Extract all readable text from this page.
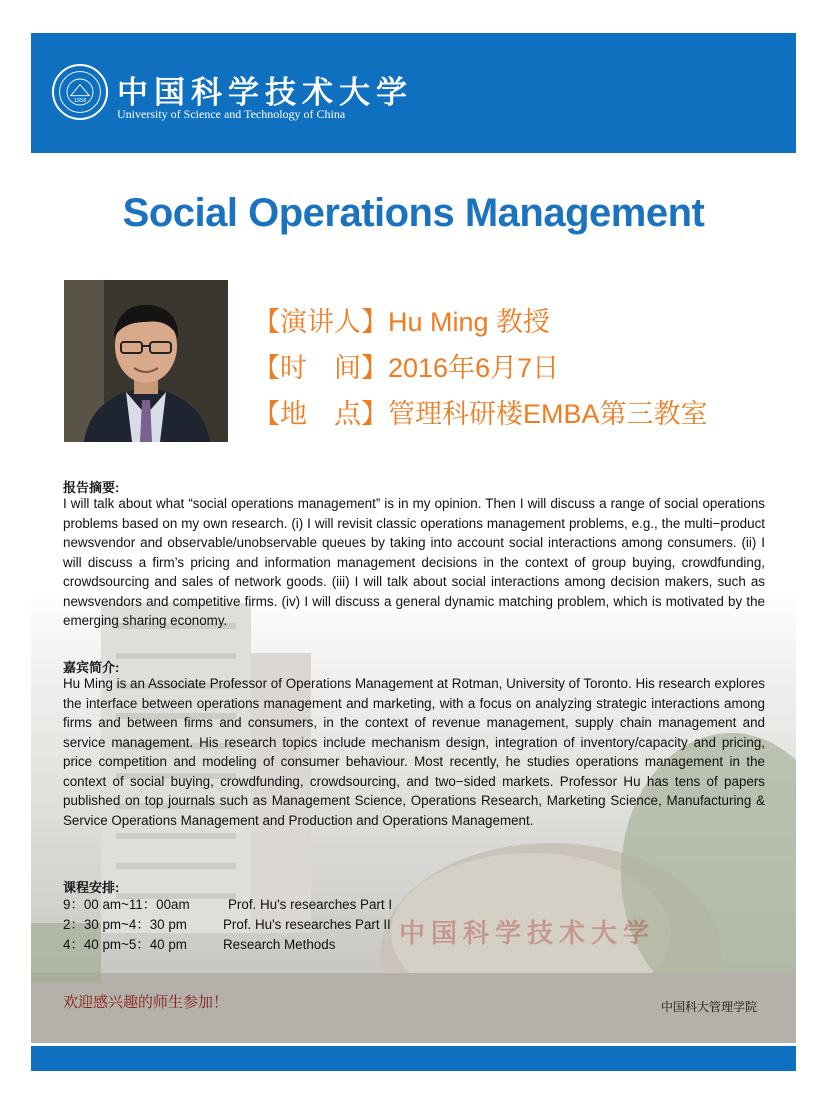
1958 中国科学技术大学
University of Science and Technology of China
Social Operations Management
【演讲人】Hu Ming 教授
【时　间】2016年6月7日
【地　点】管理科研楼EMBA第三教室
报告摘要:
I will talk about what “social operations management” is in my opinion. Then I will discuss a range of social operations problems based on my own research. (i) I will revisit classic operations management problems, e.g., the multi−product newsvendor and observable/unobservable queues by taking into account social interactions among consumers. (ii) I will discuss a firm’s pricing and information management decisions in the context of group buying, crowdfunding, crowdsourcing and sales of network goods. (iii) I will talk about social interactions among decision makers, such as newsvendors and competitive firms. (iv) I will discuss a general dynamic matching problem, which is motivated by the emerging sharing economy.
嘉宾简介:
Hu Ming is an Associate Professor of Operations Management at Rotman, University of Toronto. His research explores the interface between operations management and marketing, with a focus on analyzing strategic interactions among firms and between firms and consumers, in the context of revenue management, supply chain management and service management. His research topics include mechanism design, integration of inventory/capacity and pricing, price competition and modeling of consumer behaviour. Most recently, he studies operations management in the context of social buying, crowdfunding, crowdsourcing, and two−sided markets. Professor Hu has tens of papers published on top journals such as Management Science, Operations Research, Marketing Science, Manufacturing & Service Operations Management and Production and Operations Management.
课程安排:
9：00 am~11：00am	Prof. Hu's researches Part I
2：30 pm~4：30 pm	Prof. Hu's researches Part II
4：40 pm~5：40 pm	Research Methods 中国科学技术大学
欢迎感兴趣的师生参加！	中国科大管理学院
